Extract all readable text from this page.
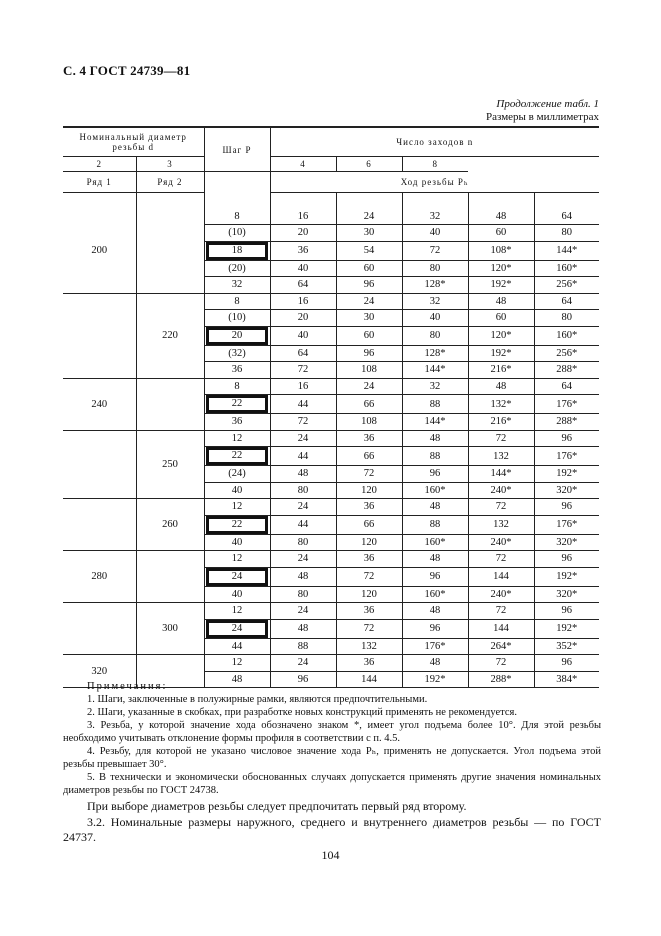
С. 4 ГОСТ 24739—81
Продолжение табл. 1
Размеры в миллиметрах
Номинальный диаметр резьбы d		Шаг P	Число заходов n				
2	3		4	6	8		
Ряд 1	Ряд 2		Ход резьбы Pₕ				

200		8	16	24	32	48	64
		(10)	20	30	40	60	80
		18	36	54	72	108*	144*
		(20)	40	60	80	120*	160*
		32	64	96	128*	192*	256*
	220	8	16	24	32	48	64
		(10)	20	30	40	60	80
		20	40	60	80	120*	160*
		(32)	64	96	128*	192*	256*
		36	72	108	144*	216*	288*
240		8	16	24	32	48	64
		22	44	66	88	132*	176*
		36	72	108	144*	216*	288*
	250	12	24	36	48	72	96
		22	44	66	88	132	176*
		(24)	48	72	96	144*	192*
		40	80	120	160*	240*	320*
	260	12	24	36	48	72	96
		22	44	66	88	132	176*
		40	80	120	160*	240*	320*
280		12	24	36	48	72	96
		24	48	72	96	144	192*
		40	80	120	160*	240*	320*
	300	12	24	36	48	72	96
		24	48	72	96	144	192*
		44	88	132	176*	264*	352*
320		12	24	36	48	72	96
		48	96	144	192*	288*	384*

Примечания:

1. Шаги, заключенные в полужирные рамки, являются предпочтительными.

2. Шаги, указанные в скобках, при разработке новых конструкций применять не рекомендуется.

3. Резьба, у которой значение хода обозначено знаком *, имеет угол подъема более 10°. Для этой резьбы необходимо учитывать отклонение формы профиля в соответствии с п. 4.5.

4. Резьбу, для которой не указано числовое значение хода Pₕ, применять не допускается. Угол подъема этой резьбы превышает 30°.

5. В технически и экономически обоснованных случаях допускается применять другие значения номинальных диаметров резьбы по ГОСТ 24738.

При выборе диаметров резьбы следует предпочитать первый ряд второму.

3.2. Номинальные размеры наружного, среднего и внутреннего диаметров резьбы — по ГОСТ 24737.

104
